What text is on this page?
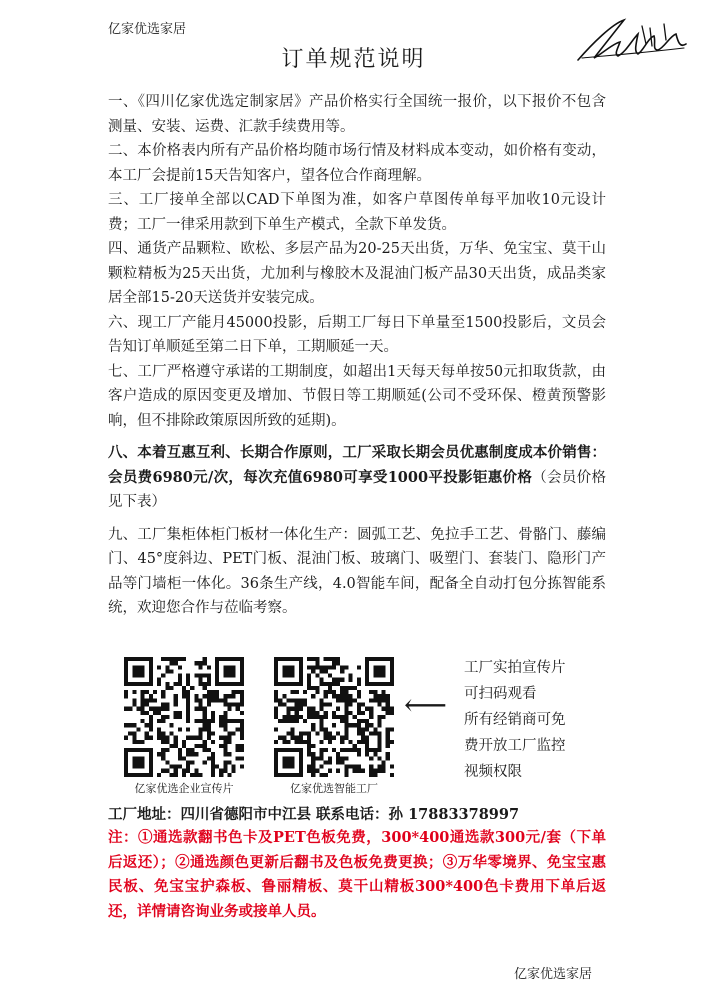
亿家优选家居
订单规范说明

一、《四川亿家优选定制家居》产品价格实行全国统一报价，以下报价不包含测量、安装、运费、汇款手续费用等。

二、本价格表内所有产品价格均随市场行情及材料成本变动，如价格有变动，本工厂会提前15天告知客户，望各位合作商理解。

三、工厂接单全部以CAD下单图为准，如客户草图传单每平加收10元设计费；工厂一律采用款到下单生产模式，全款下单发货。

四、通货产品颗粒、欧松、多层产品为20-25天出货，万华、免宝宝、莫干山颗粒精板为25天出货，尤加利与橡胶木及混油门板产品30天出货，成品类家居全部15-20天送货并安装完成。

六、现工厂产能月45000投影，后期工厂每日下单量至1500投影后，文员会告知订单顺延至第二日下单，工期顺延一天。

七、工厂严格遵守承诺的工期制度，如超出1天每天每单按50元扣取货款，由客户造成的原因变更及增加、节假日等工期顺延(公司不受环保、橙黄预警影响，但不排除政策原因所致的延期)。

八、本着互惠互利、长期合作原则，工厂采取长期会员优惠制度成本价销售：会员费6980元/次，每次充值6980可享受1000平投影钜惠价格（会员价格见下表）

九、工厂集柜体柜门板材一体化生产：圆弧工艺、免拉手工艺、骨骼门、藤编门、45°度斜边、PET门板、混油门板、玻璃门、吸塑门、套装门、隐形门产品等门墙柜一体化。36条生产线，4.0智能车间，配备全自动打包分拣智能系统，欢迎您合作与莅临考察。

亿家优选企业宣传片	亿家优选智能工厂
⟵
工厂实拍宣传片
可扫码观看
所有经销商可免
费开放工厂监控
视频权限
工厂地址：四川省德阳市中江县 联系电话：孙 17883378997
注：①通选款翻书色卡及PET色板免费，300*400通选款300元/套（下单后返还）；②通选颜色更新后翻书及色板免费更换；③万华零境界、免宝宝惠民板、免宝宝护森板、鲁丽精板、莫干山精板300*400色卡费用下单后返还，详情请咨询业务或接单人员。
亿家优选家居
